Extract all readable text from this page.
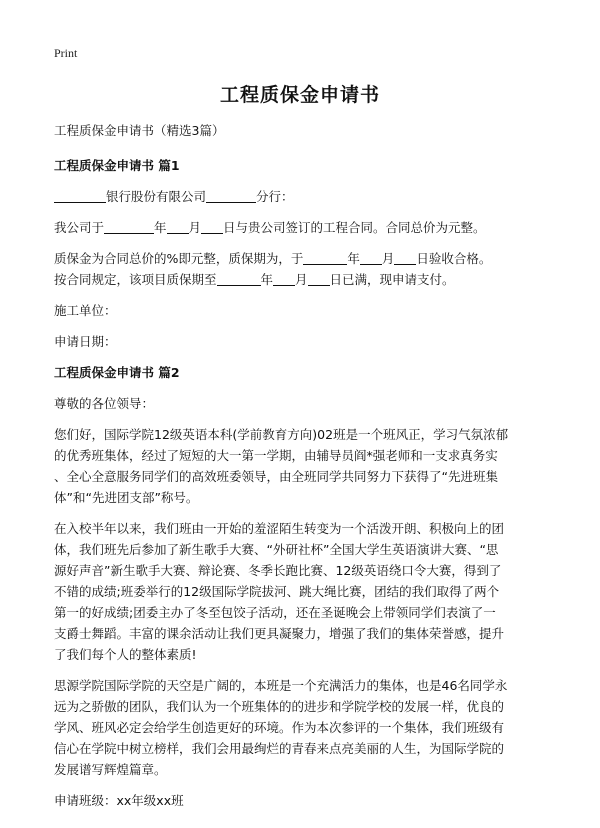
Print
工程质保金申请书

工程质保金申请书（精选3篇）

工程质保金申请书 篇1

银行股份有限公司	分行：

我公司于	年 月 日与贵公司签订的工程合同。合同总价为元整。

质保金为合同总价的%即元整，质保期为，于	年 月 日验收合格。

按合同规定，该项目质保期至	年 月 日已满，现申请支付。

施工单位：

申请日期：

工程质保金申请书 篇2

尊敬的各位领导：

您们好，国际学院12级英语本科(学前教育方向)02班是一个班风正，学习气氛浓郁

的优秀班集体，经过了短短的大一第一学期，由辅导员阎*强老师和一支求真务实

、全心全意服务同学们的高效班委领导，由全班同学共同努力下获得了“先进班集

体”和“先进团支部”称号。

在入校半年以来，我们班由一开始的羞涩陌生转变为一个活泼开朗、积极向上的团

体，我们班先后参加了新生歌手大赛、“外研社杯”全国大学生英语演讲大赛、“思

源好声音”新生歌手大赛、辩论赛、冬季长跑比赛、12级英语绕口令大赛，得到了

不错的成绩;班委举行的12级国际学院拔河、跳大绳比赛，团结的我们取得了两个

第一的好成绩;团委主办了冬至包饺子活动，还在圣诞晚会上带领同学们表演了一

支爵士舞蹈。丰富的课余活动让我们更具凝聚力，增强了我们的集体荣誉感，提升

了我们每个人的整体素质!

思源学院国际学院的天空是广阔的，本班是一个充满活力的集体，也是46名同学永

远为之骄傲的团队，我们认为一个班集体的的进步和学院学校的发展一样，优良的

学风、班风必定会给学生创造更好的环境。作为本次参评的一个集体，我们班级有

信心在学院中树立榜样，我们会用最绚烂的青春来点亮美丽的人生，为国际学院的

发展谱写辉煌篇章。

申请班级：xx年级xx班
